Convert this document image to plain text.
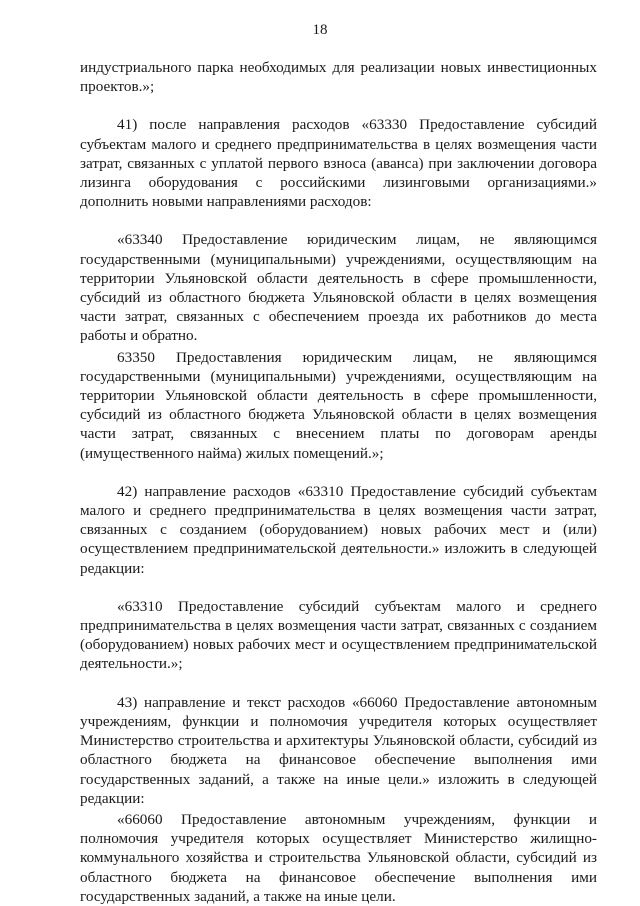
18

индустриального парка необходимых для реализации новых инвестиционных проектов.»;

41) после направления расходов «63330 Предоставление субсидий субъектам малого и среднего предпринимательства в целях возмещения части затрат, связанных с уплатой первого взноса (аванса) при заключении договора лизинга оборудования с российскими лизинговыми организациями.» дополнить новыми направлениями расходов:

«63340 Предоставление юридическим лицам, не являющимся государственными (муниципальными) учреждениями, осуществляющим на территории Ульяновской области деятельность в сфере промышленности, субсидий из областного бюджета Ульяновской области в целях возмещения части затрат, связанных с обеспечением проезда их работников до места работы и обратно.

63350 Предоставления юридическим лицам, не являющимся государственными (муниципальными) учреждениями, осуществляющим на территории Ульяновской области деятельность в сфере промышленности, субсидий из областного бюджета Ульяновской области в целях возмещения части затрат, связанных с внесением платы по договорам аренды (имущественного найма) жилых помещений.»;

42) направление расходов «63310 Предоставление субсидий субъектам малого и среднего предпринимательства в целях возмещения части затрат, связанных с созданием (оборудованием) новых рабочих мест и (или) осуществлением предпринимательской деятельности.» изложить в следующей редакции:

«63310 Предоставление субсидий субъектам малого и среднего предпринимательства в целях возмещения части затрат, связанных с созданием (оборудованием) новых рабочих мест и осуществлением предпринимательской деятельности.»;

43) направление и текст расходов «66060 Предоставление автономным учреждениям, функции и полномочия учредителя которых осуществляет Министерство строительства и архитектуры Ульяновской области, субсидий из областного бюджета на финансовое обеспечение выполнения ими государственных заданий, а также на иные цели.» изложить в следующей редакции:

«66060 Предоставление автономным учреждениям, функции и полномочия учредителя которых осуществляет Министерство жилищно-коммунального хозяйства и строительства Ульяновской области, субсидий из областного бюджета на финансовое обеспечение выполнения ими государственных заданий, а также на иные цели.
